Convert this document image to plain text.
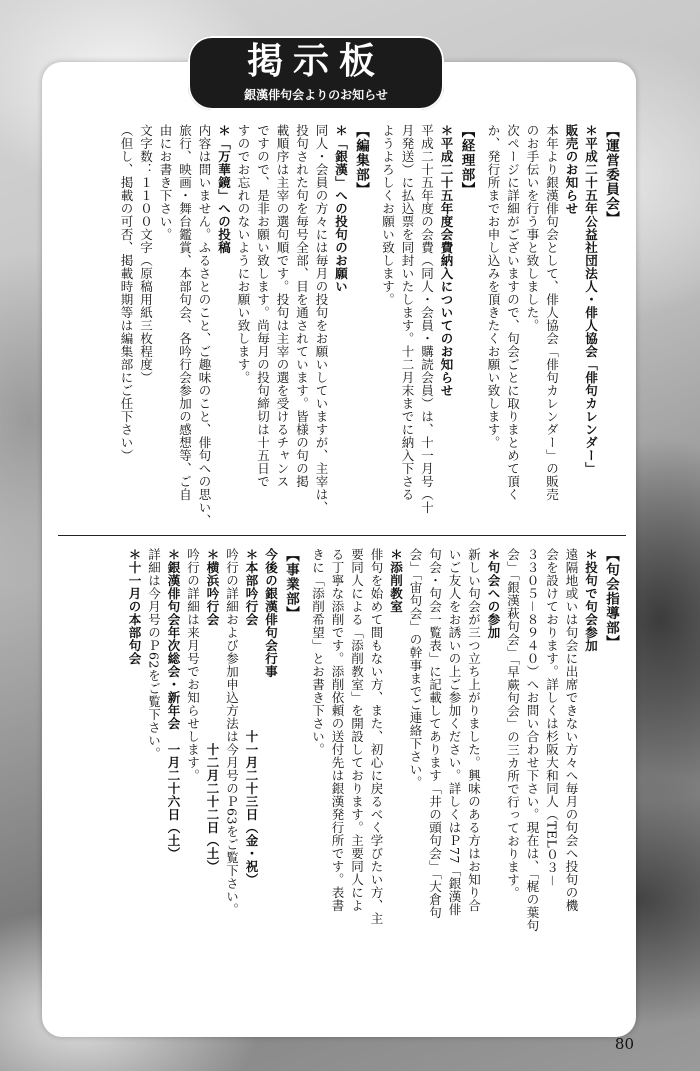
掲示板
銀漢俳句会よりのお知らせ
【運営委員会】
＊平成二十五年公益社団法人・俳人協会「俳句カレンダー」
販売のお知らせ
本年より銀漢俳句会として、俳人協会「俳句カレンダー」の販売
のお手伝いを行う事と致しました。
次ページに詳細がございますので、句会ごとに取りまとめて頂く
か、発行所までお申し込みを頂きたくお願い致します。
【経理部】
＊平成二十五年度会費納入についてのお知らせ
平成二十五年度の会費（同人・会員・購読会員）は、十一月号（十
月発送）に払込票を同封いたします。十二月末までに納入下さる
ようよろしくお願い致します。
【編集部】
＊「銀漢」への投句のお願い
同人・会員の方々には毎月の投句をお願いしていますが、主宰は、
投句された句を毎号全部、目を通されています。皆様の句の掲
載順序は主宰の選句順です。投句は主宰の選を受けるチャンス
ですので、是非お願い致します。尚毎月の投句締切は十五日で
すのでお忘れのないようにお願い致します。
＊「万華鏡」への投稿
内容は問いません。ふるさとのこと、ご趣味のこと、俳句への思い、
旅行、映画・舞台鑑賞、本部句会、各吟行会参加の感想等、ご自
由にお書き下さい。
文字数：１１００文字（原稿用紙三枚程度）
（但し、掲載の可否、掲載時期等は編集部にご任下さい）
【句会指導部】
＊投句で句会参加
遠隔地或いは句会に出席できない方々へ毎月の句会へ投句の機
会を設けております。詳しくは杉阪大和同人（TEL０３－
３３０５－８９４０）へお問い合わせ下さい。現在は、「梶の葉句
会」「銀漢萩句会」「早蕨句会」の三カ所で行っております。
＊句会への参加
新しい句会が三つ立ち上がりました。興味のある方はお知り合
いご友人をお誘いの上ご参加ください。詳しくはＰ77「銀漢俳
句会・句会一覧表」に記載してあります「井の頭句会」「大倉句
会」「宙句会」の幹事までご連絡下さい。
＊添削教室
俳句を始めて間もない方、また、初心に戻るべく学びたい方、主
要同人による「添削教室」を開設しております。主要同人によ
る丁寧な添削です。添削依頼の送付先は銀漢発行所です。表書
きに「添削希望」とお書き下さい。
【事業部】
今後の銀漢俳句会行事
＊本部吟行会　　　　　　　　十一月二十三日（金・祝）
吟行の詳細および参加申込方法は今月号のＰ63をご覧下さい。
＊横浜吟行会　　　　　　　　　十二月二十二日（土）
吟行の詳細は来月号でお知らせします。
＊銀漢俳句会年次総会・新年会　一月二十六日（土）
詳細は今月号のＰ62をご覧下さい。
＊十一月の本部句会
80
